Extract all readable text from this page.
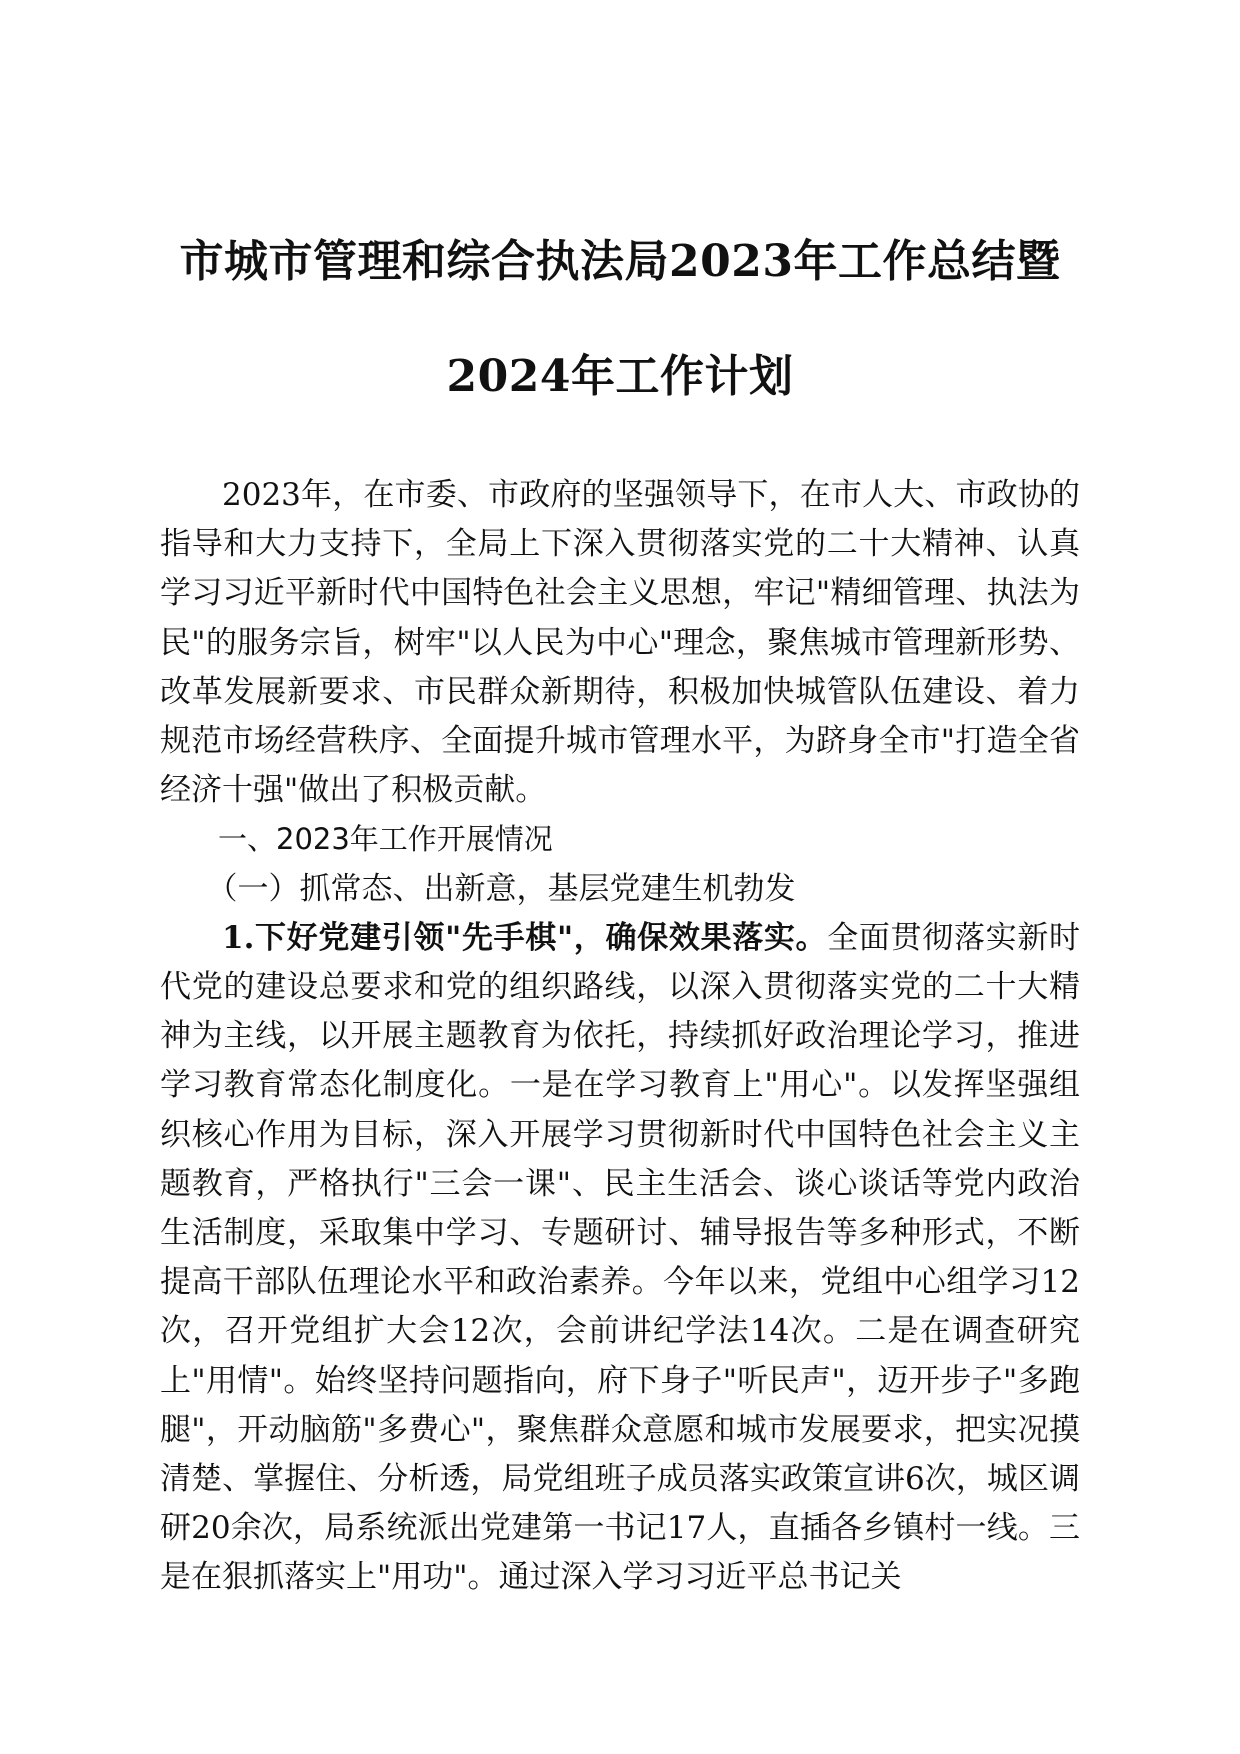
市城市管理和综合执法局2023年工作总结暨
2024年工作计划

2023年，在市委、市政府的坚强领导下，在市人大、市政协的指导和大力支持下，全局上下深入贯彻落实党的二十大精神、认真学习习近平新时代中国特色社会主义思想，牢记"精细管理、执法为民"的服务宗旨，树牢"以人民为中心"理念，聚焦城市管理新形势、改革发展新要求、市民群众新期待，积极加快城管队伍建设、着力规范市场经营秩序、全面提升城市管理水平，为跻身全市"打造全省经济十强"做出了积极贡献。

一、2023年工作开展情况

（一）抓常态、出新意，基层党建生机勃发

1.下好党建引领"先手棋"，确保效果落实。全面贯彻落实新时代党的建设总要求和党的组织路线，以深入贯彻落实党的二十大精神为主线，以开展主题教育为依托，持续抓好政治理论学习，推进学习教育常态化制度化。一是在学习教育上"用心"。以发挥坚强组织核心作用为目标，深入开展学习贯彻新时代中国特色社会主义主题教育，严格执行"三会一课"、民主生活会、谈心谈话等党内政治生活制度，采取集中学习、专题研讨、辅导报告等多种形式，不断提高干部队伍理论水平和政治素养。今年以来，党组中心组学习12次，召开党组扩大会12次，会前讲纪学法14次。二是在调查研究上"用情"。始终坚持问题指向，府下身子"听民声"，迈开步子"多跑腿"，开动脑筋"多费心"，聚焦群众意愿和城市发展要求，把实况摸清楚、掌握住、分析透，局党组班子成员落实政策宣讲6次，城区调研20余次，局系统派出党建第一书记17人，直插各乡镇村一线。三是在狠抓落实上"用功"。通过深入学习习近平总书记关
